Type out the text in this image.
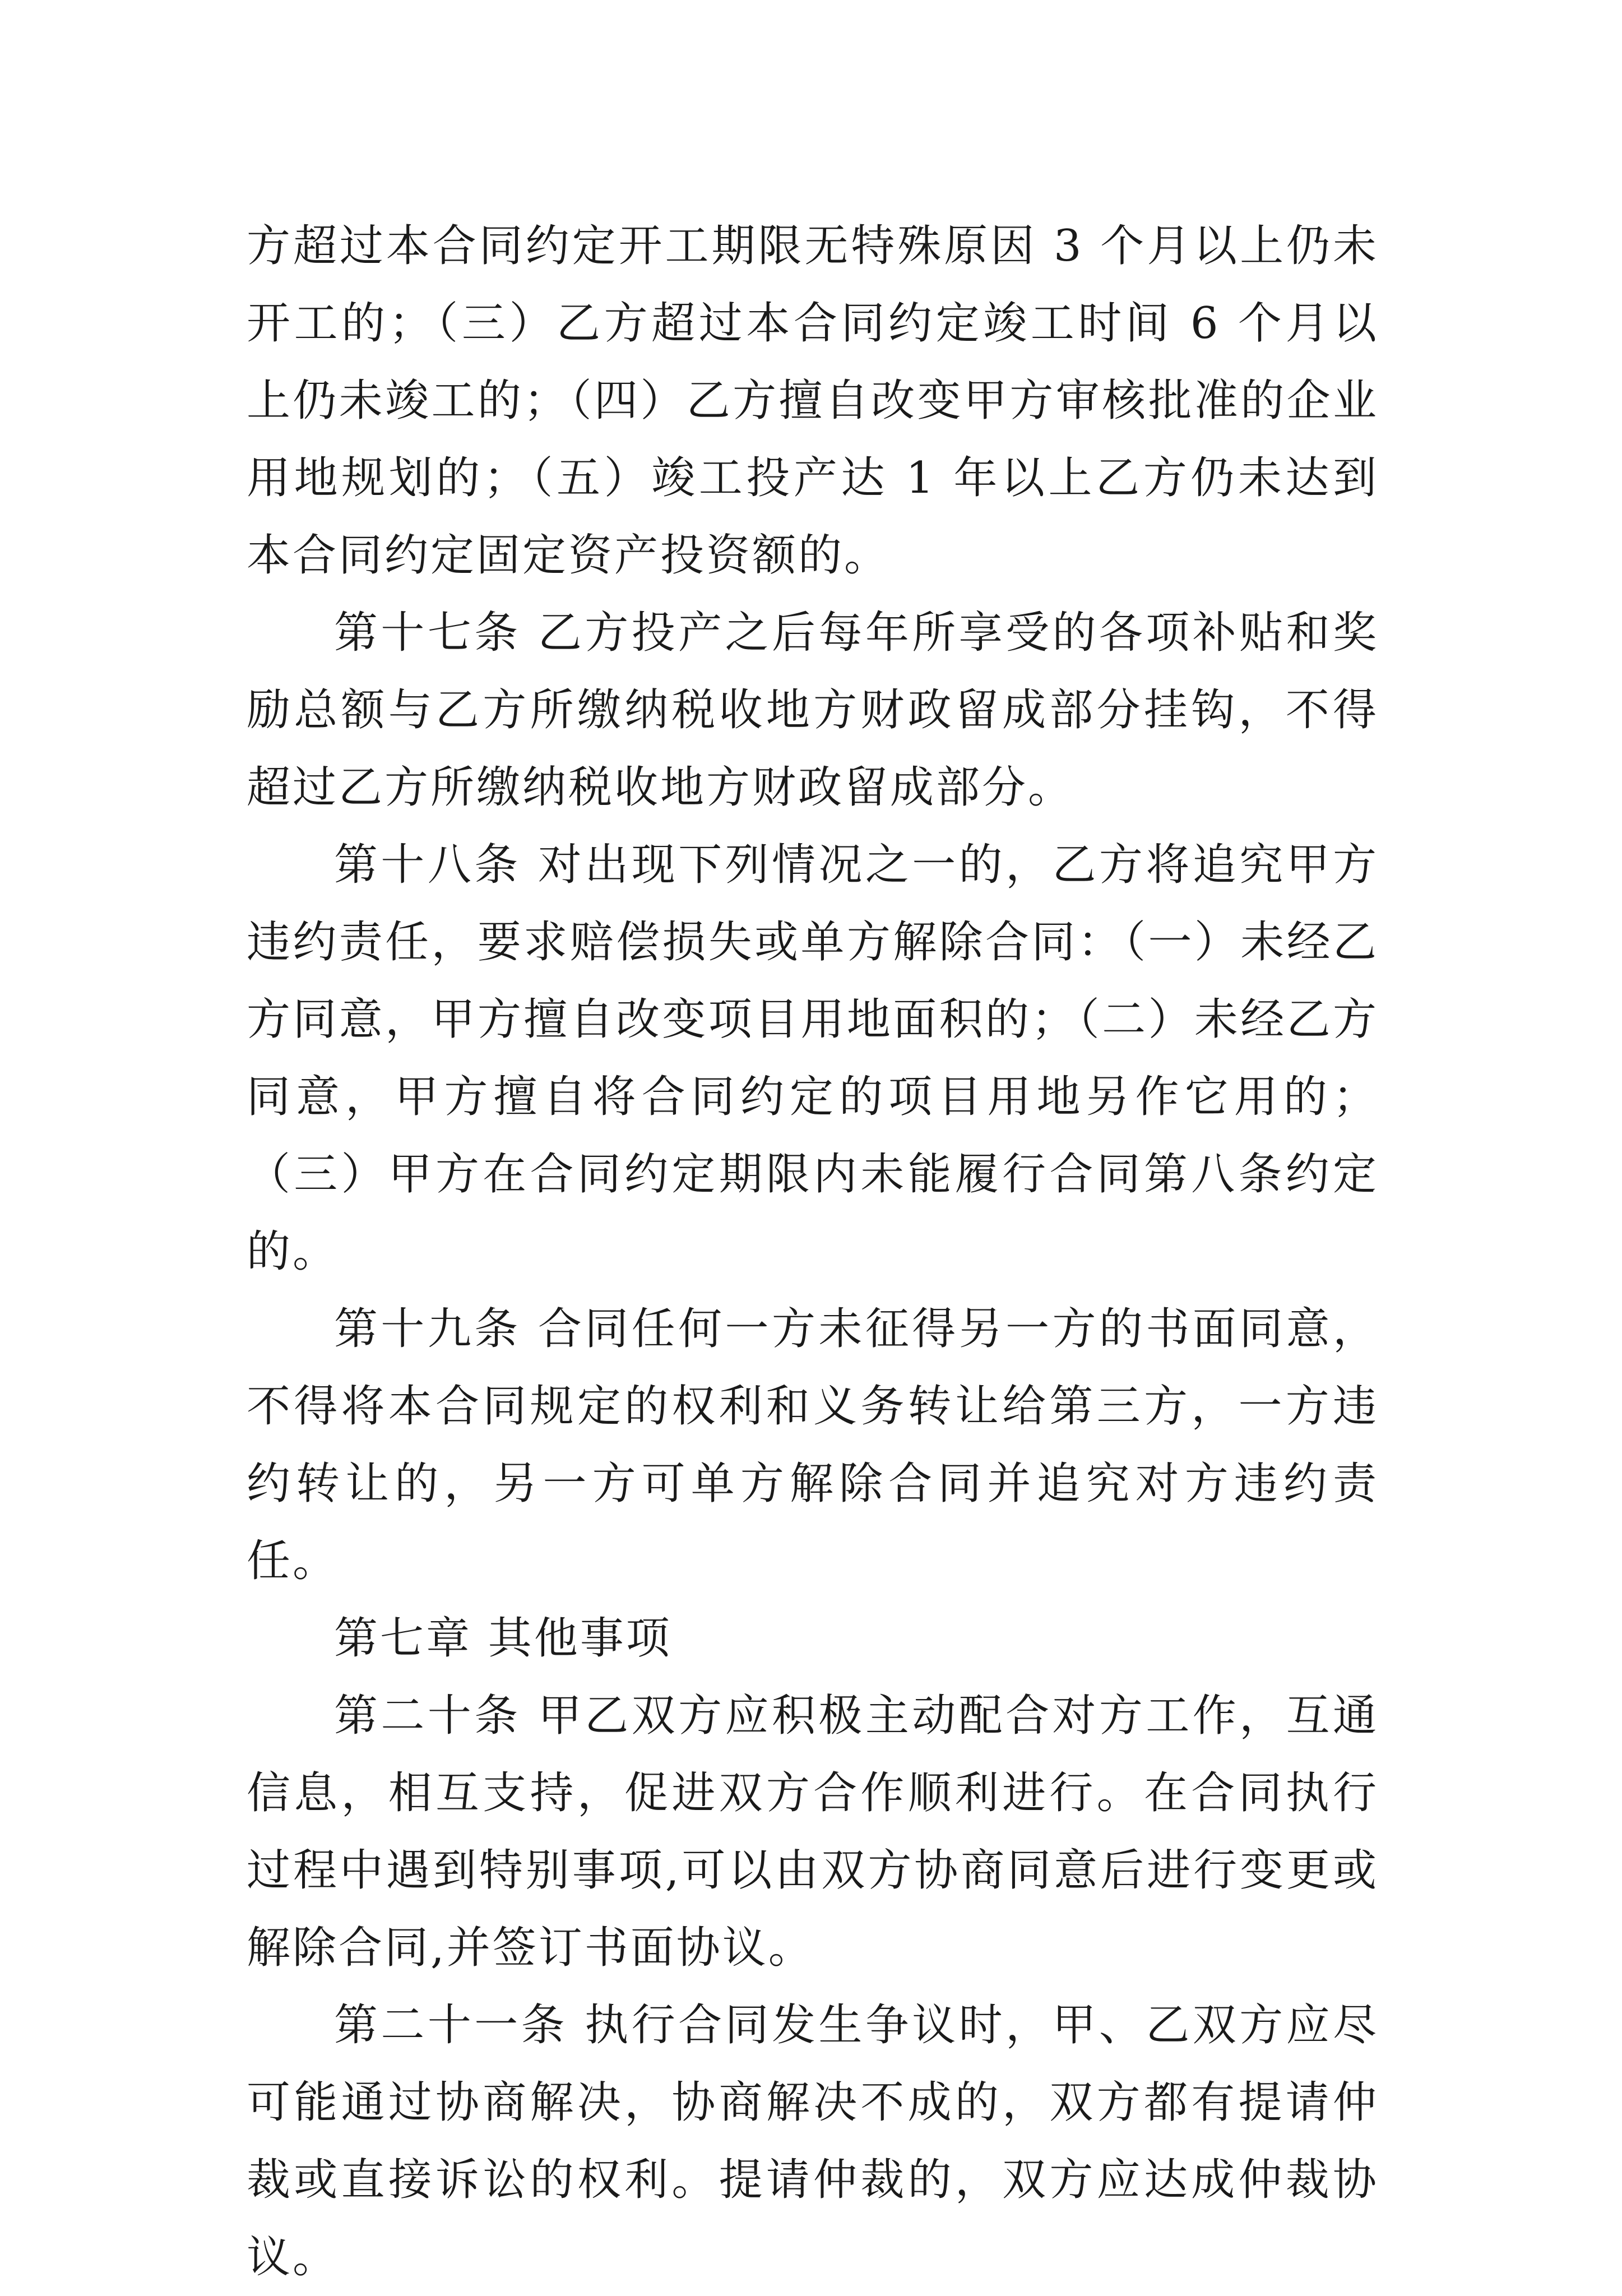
方超过本合同约定开工期限无特殊原因 3 个月以上仍未开工的；（三）乙方超过本合同约定竣工时间 6 个月以上仍未竣工的；（四）乙方擅自改变甲方审核批准的企业用地规划的；（五）竣工投产达 1 年以上乙方仍未达到本合同约定固定资产投资额的。

第十七条 乙方投产之后每年所享受的各项补贴和奖励总额与乙方所缴纳税收地方财政留成部分挂钩，不得超过乙方所缴纳税收地方财政留成部分。

第十八条 对出现下列情况之一的，乙方将追究甲方违约责任，要求赔偿损失或单方解除合同：（一）未经乙方同意，甲方擅自改变项目用地面积的；（二）未经乙方同意，甲方擅自将合同约定的项目用地另作它用的；（三）甲方在合同约定期限内未能履行合同第八条约定的。

第十九条 合同任何一方未征得另一方的书面同意，不得将本合同规定的权利和义务转让给第三方，一方违约转让的，另一方可单方解除合同并追究对方违约责任。

第七章 其他事项

第二十条 甲乙双方应积极主动配合对方工作，互通信息，相互支持，促进双方合作顺利进行。在合同执行过程中遇到特别事项,可以由双方协商同意后进行变更或解除合同,并签订书面协议。

第二十一条 执行合同发生争议时，甲、乙双方应尽可能通过协商解决，协商解决不成的，双方都有提请仲裁或直接诉讼的权利。提请仲裁的，双方应达成仲裁协议。
